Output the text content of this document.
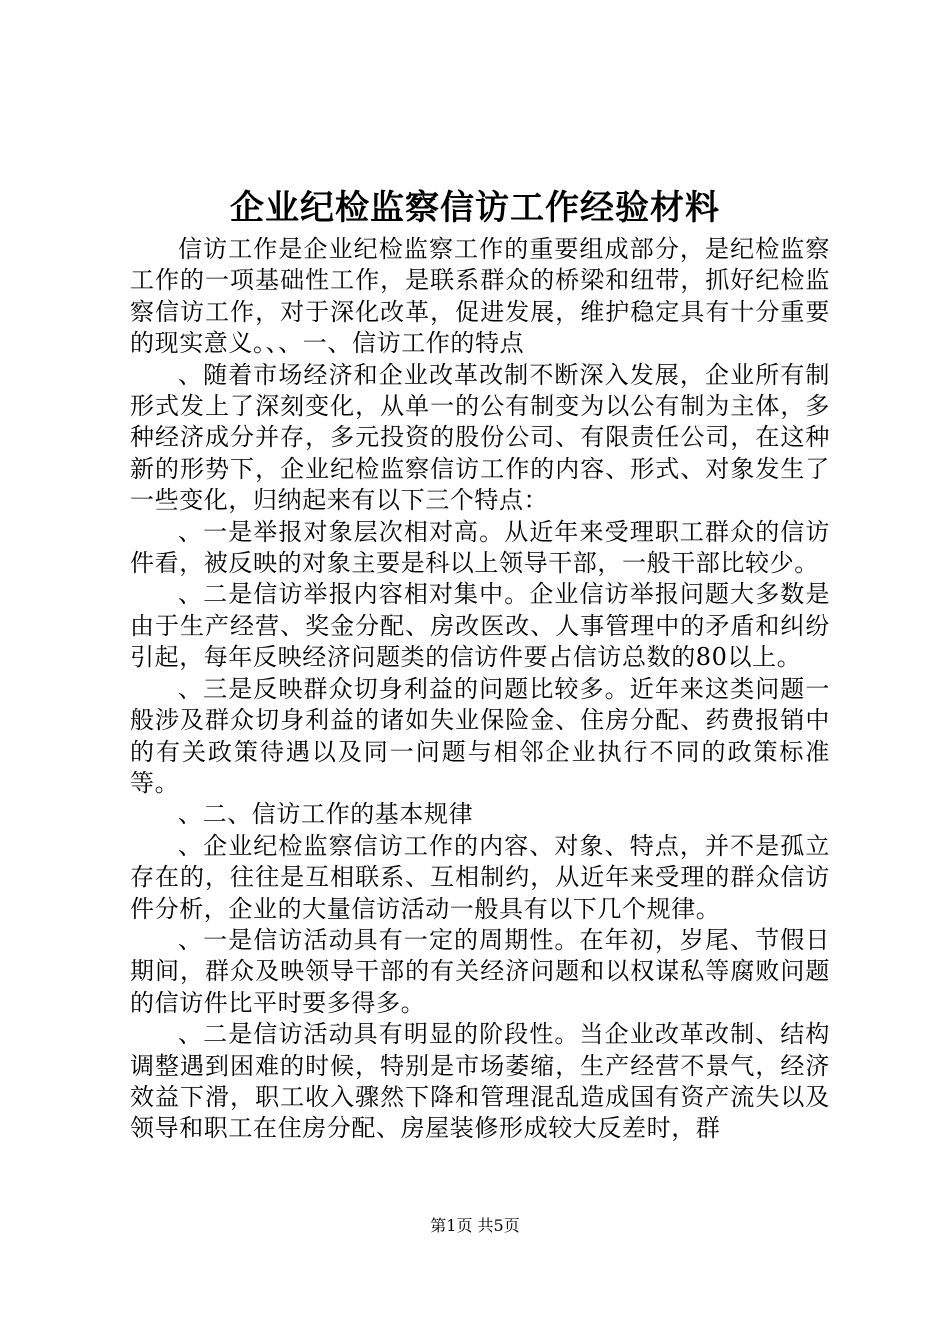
企业纪检监察信访工作经验材料

信访工作是企业纪检监察工作的重要组成部分，是纪检监察工作的一项基础性工作，是联系群众的桥梁和纽带，抓好纪检监察信访工作，对于深化改革，促进发展，维护稳定具有十分重要的现实意义。、、一、信访工作的特点

、随着市场经济和企业改革改制不断深入发展，企业所有制形式发上了深刻变化，从单一的公有制变为以公有制为主体，多种经济成分并存，多元投资的股份公司、有限责任公司，在这种新的形势下，企业纪检监察信访工作的内容、形式、对象发生了一些变化，归纳起来有以下三个特点：

、一是举报对象层次相对高。从近年来受理职工群众的信访件看，被反映的对象主要是科以上领导干部，一般干部比较少。

、二是信访举报内容相对集中。企业信访举报问题大多数是由于生产经营、奖金分配、房改医改、人事管理中的矛盾和纠纷引起，每年反映经济问题类的信访件要占信访总数的80以上。

、三是反映群众切身利益的问题比较多。近年来这类问题一般涉及群众切身利益的诸如失业保险金、住房分配、药费报销中的有关政策待遇以及同一问题与相邻企业执行不同的政策标准等。

、二、信访工作的基本规律

、企业纪检监察信访工作的内容、对象、特点，并不是孤立存在的，往往是互相联系、互相制约，从近年来受理的群众信访件分析，企业的大量信访活动一般具有以下几个规律。

、一是信访活动具有一定的周期性。在年初，岁尾、节假日期间，群众及映领导干部的有关经济问题和以权谋私等腐败问题的信访件比平时要多得多。

、二是信访活动具有明显的阶段性。当企业改革改制、结构调整遇到困难的时候，特别是市场萎缩，生产经营不景气，经济效益下滑，职工收入骤然下降和管理混乱造成国有资产流失以及领导和职工在住房分配、房屋装修形成较大反差时，群

第1页 共5页
